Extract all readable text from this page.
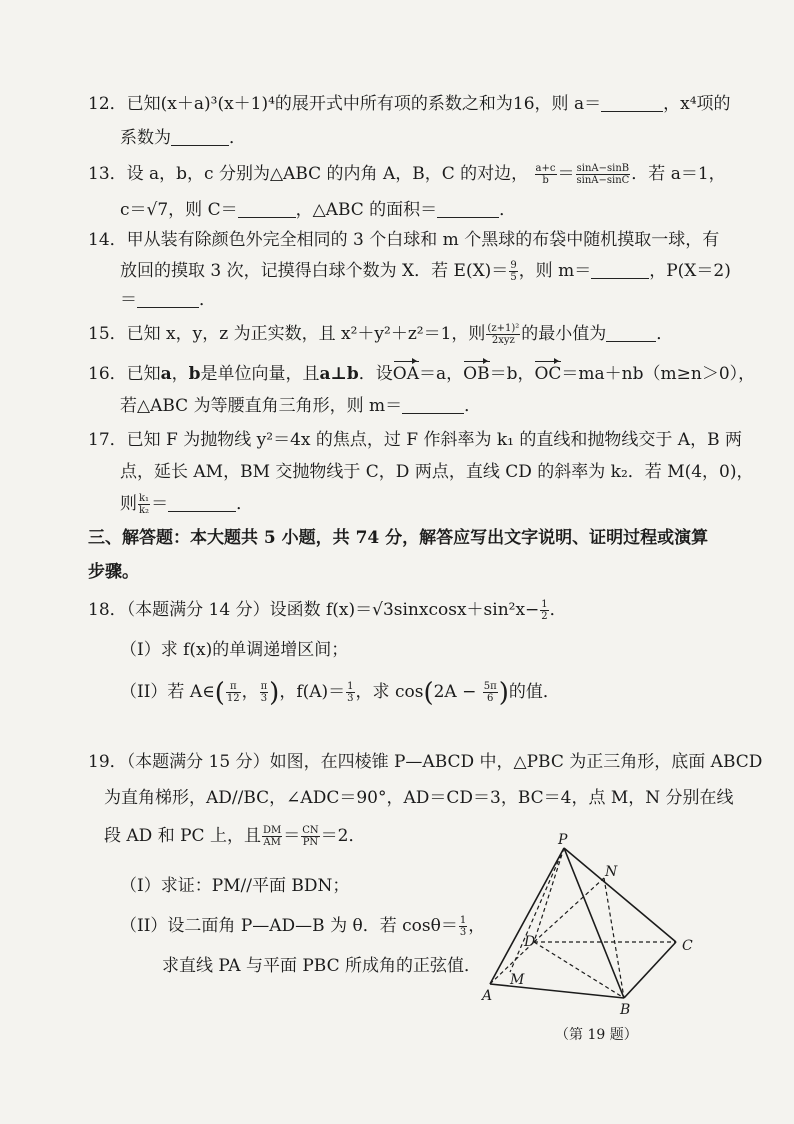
12．已知(x＋a)³(x＋1)⁴的展开式中所有项的系数之和为16，则 a＝	，x⁴项的
系数为	．
13．设 a，b，c 分别为△ABC 的内角 A，B，C 的对边， $\frac{a+c}{b} = \frac{\sin A-\sin B}{\sin A-\sin C}$ ．若 a＝1，
c＝√7，则 C＝	，△ABC 的面积＝	．
14．甲从装有除颜色外完全相同的 3 个白球和 m 个黑球的布袋中随机摸取一球，有
放回的摸取 3 次，记摸得白球个数为 X．若 $E(X)= \frac{9}{5}$ ，则 m＝	，P(X＝2)
＝	．
15．已知 x，y，z 为正实数，且 x²＋y²＋z²＝1，则 $\frac{\text{(z+1)²}}{\text{2xyz}}$ 的最小值为	．
16．已知a，b是单位向量，且a⊥b．设OA＝a，OB＝b，OC＝ma＋nb（m≥n＞0），
若△ABC 为等腰直角三角形，则 m＝	．
17．已知 F 为抛物线 y²＝4x 的焦点，过 F 作斜率为 k₁ 的直线和抛物线交于 A，B 两
点，延长 AM，BM 交抛物线于 C，D 两点，直线 CD 的斜率为 k₂．若 M(4，0)，
则 $\frac{\text{k₁}}{\text{k₂}}$ ＝	．
三、解答题：本大题共 5 小题，共 74 分，解答应写出文字说明、证明过程或演算
步骤。
18．（本题满分 14 分）设函数 f(x)＝√3sinxcosx＋sin²x− $\frac{1}{2}$ ．
（I）求 f(x)的单调递增区间；
（II）若 A∈( $\frac{\pi}{12}$ ， $\frac{\pi}{3}$ )，$f(A)= \frac{1}{3}$ ，求 $\cos(2A - \frac{5\pi}{6}$ )的值．
19．（本题满分 15 分）如图，在四棱锥 P—ABCD 中，△PBC 为正三角形，底面 ABCD
为直角梯形，AD//BC，∠ADC＝90°，AD＝CD＝3，BC＝4，点 M，N 分别在线
段 AD 和 PC 上，且 $\frac{DM}{AM} = \frac{CN}{PN} =2$．
（I）求证：PM//平面 BDN；
（II）设二面角 P—AD—B 为 θ．若 $\cos\theta= \frac{1}{3}$ ，
求直线 PA 与平面 PBC 所成角的正弦值．
P
N
D	C
M
A
B
（第 19 题）
